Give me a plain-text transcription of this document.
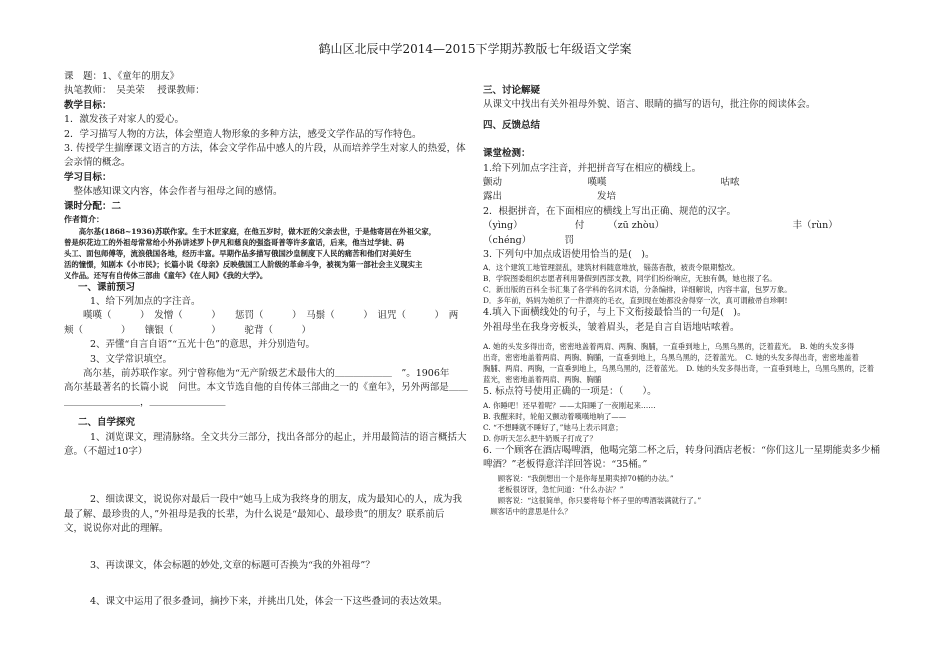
鹤山区北辰中学2014—2015下学期苏教版七年级语文学案
课　题：1、《童年的朋友》
执笔教师：　吴美荣　 授课教师：
教学目标：
1．激发孩子对家人的爱心。
2．学习描写人物的方法，体会塑造人物形象的多种方法，感受文学作品的写作特色。
3. 传授学生揣摩课文语言的方法，体会文学作品中感人的片段，从而培养学生对家人的热爱，体
会亲情的概念。
学习目标：
　整体感知课文内容，体会作者与祖母之间的感情。
课时分配：二
作者简介：
　　高尔基(1868~1936)苏联作家。生于木匠家庭，在他五岁时，做木匠的父亲去世，于是他寄居在外祖父家，
曾是织花边工的外祖母常常给小外孙讲述罗卜伊凡和慈良的强盗哥普等许多童话，后来，他当过学徒、码
头工、面包师傅等，流浪俄国各地，经历丰富。早期作品多描写俄国沙皇制度下人民的痛苦和他们对美好生
活的憧憬，知剧本《小市民》；长篇小说《母亲》反映俄国工人阶级的革命斗争，被视为第一部社会主义现实主
义作品。还写有自传体三部曲《童年》《在人间》《我的大学》。
一、课前预习
1、给下列加点的字注音。
　　嘆嘆（　　　）　发憎（　　　）　　惩罚（　　　）　马鬃（　　　）　诅咒（　　　）　两
颊（　　　　）　　镶银（　　　　）　　　驼背（　　　）
2、弄懂“自言自语”“五光十色”的意思，并分别造句。
3、文学常识填空。
　　高尔基，前苏联作家。列宁曾称他为“无产阶级艺术最伟大的＿＿＿＿＿＿　”。1906年
高尔基最著名的长篇小说　问世。本文节选自他的自传体三部曲之一的《童年》，另外两部是＿＿
＿＿＿＿＿＿＿＿，＿＿＿＿＿＿＿＿
二、自学探究
1、浏览课文，理清脉络。全文共分三部分，找出各部分的起止，并用最简洁的语言概括大
意。（不超过10字）
2、细读课文，说说你对最后一段中“她马上成为我终身的朋友，成为最知心的人，成为我
最了解、最珍贵的人，”外祖母是我的长辈，为什么说是“最知心、最珍贵”的朋友？联系前后
文，说说你对此的理解。
3、再读课文，体会标题的妙处,文章的标题可否换为“我的外祖母”？
4、课文中运用了很多叠词，摘抄下来，并挑出几处，体会一下这些叠词的表达效果。
三、讨论解疑
从课文中找出有关外祖母外貌、语言、眼睛的描写的语句，批注你的阅读体会。
四、反馈总结
课堂检测：
1.给下列加点字注音，并把拼音写在相应的横线上。
颤动　　　　　　　　　嘆嘆　　　　　　　　　　　　咕哝
露出　　　　　　　　　　发培
2．根据拼音，在下面相应的横线上写出正确、规范的汉字。
（yìng）　　　　　　付　　　（zū zhòu）　　　　　　　　　　　　　　丰（rùn）
（chéng）　　　　罚
3. 下列句中加点成语使用恰当的是(　)。
A．这个建筑工地管理混乱，建筑材料随意堆放，锱荡杳散，被责令限期整改。
B．学院图委组织志愿者利用暑假到西部支教，同学们纷纷响应，无独有偶，她也报了名。
C．新出版的百科全书汇集了各学科的名词术语，分条编排，详细解说，内容丰富，包罗万象。
D．多年前，妈妈为她织了一件漂亮的毛衣，直到现在她都没舍得穿一次，真可谓敝帚自珍啊!
4.填入下面横线处的句子，与上下文衔接最恰当的一句是(　)。
外祖母坐在我身旁板头，皱着眉头，老是自言自语地咕哝着。
A. 她的头发多得出奇，密密地盖着两肩、两胸、胸脯，一直垂到地上，乌黑乌黑的，泛着蓝光。　B. 她的头发多得
出奇，密密地盖着两肩、两胸、胸脯，一直垂到地上，乌黑乌黑的，泛着蓝光。　C. 她的头发多得出奇，密密地盖着
胸脯、两肩、两胸，一直垂到地上，乌黑乌黑的，泛着蓝光。　D. 她的头发多得出奇，一直垂到地上，乌黑乌黑的，泛着
蓝光，密密地盖着两肩、两胸、胸脯
5. 标点符号使用正确的一项是：（　　）。
A. 你睡吧！还早着呢？——太阳睡了一夜刚起来……
B. 我醒来时，轮船又颤动着嘆嘆地响了——
C. “不想睡就不睡好了，”她马上表示同意；
D. 你听天怎么把牛奶贩子打成了？
6. 一个顾客在酒店喝啤酒，他喝完第二杯之后，转身问酒店老板：“你们这儿一星期能卖多少桶
啤酒？”老板得意洋洋回答说：“35桶。”
　　顾客说：“我倒想出一个是你每星期卖掉70桶的办法。”
　　老板很讶讶，急忙问道：“什么办法？”
　　顾客说：“这很简单，你只要将每个杯子里的啤酒装满就行了。”
　顾客话中的意思是什么？
